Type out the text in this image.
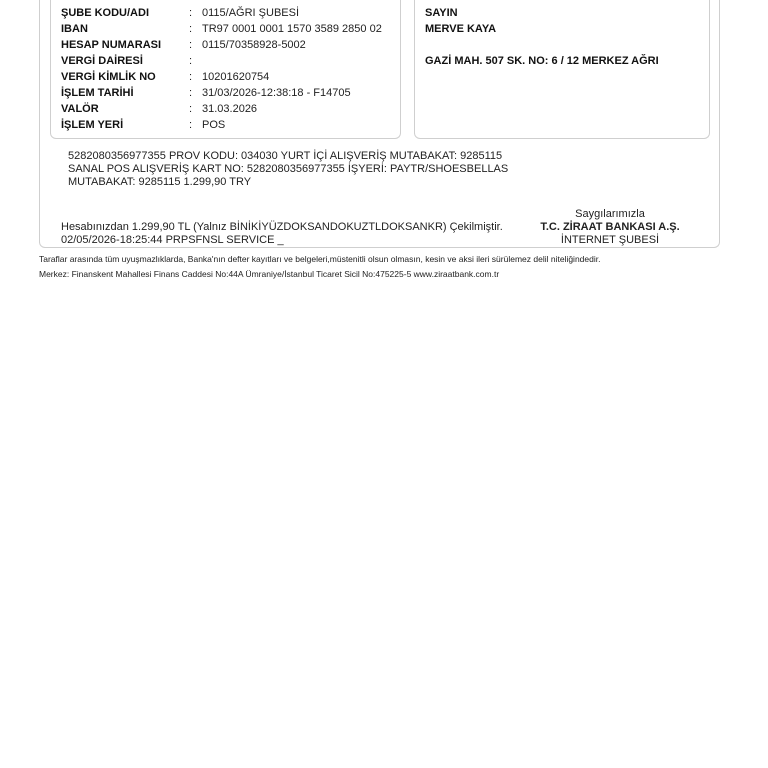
ŞUBE KODU/ADI	: 0115/AĞRI ŞUBESİ
IBAN	: TR97 0001 0001 1570 3589 2850 02
HESAP NUMARASI	: 0115/70358928-5002
VERGİ DAİRESİ	:
VERGİ KİMLİK NO	: 10201620754
İŞLEM TARİHİ	: 31/03/2026-12:38:18 - F14705
VALÖR	: 31.03.2026
İŞLEM YERİ	: POS
SAYIN
MERVE KAYA
GAZİ MAH. 507 SK. NO: 6 / 12 MERKEZ AĞRI
5282080356977355 PROV KODU: 034030 YURT İÇİ ALIŞVERİŞ MUTABAKAT: 9285115
SANAL POS ALIŞVERİŞ KART NO: 5282080356977355 İŞYERİ: PAYTR/SHOESBELLAS
MUTABAKAT: 9285115 1.299,90 TRY
Hesabınızdan 1.299,90 TL (Yalnız BİNİKİYÜZDOKSANDOKUZTLDOKSANKR) Çekilmiştir.
02/05/2026-18:25:44 PRPSFNSL SERVICE _
Saygılarımızla
T.C. ZİRAAT BANKASI A.Ş.
İNTERNET ŞUBESİ
Taraflar arasında tüm uyuşmazlıklarda, Banka'nın defter kayıtları ve belgeleri,müstenitli olsun olmasın, kesin ve aksi ileri sürülemez delil niteliğindedir.
Merkez: Finanskent Mahallesi Finans Caddesi No:44A Ümraniye/İstanbul Ticaret Sicil No:475225-5 www.ziraatbank.com.tr
